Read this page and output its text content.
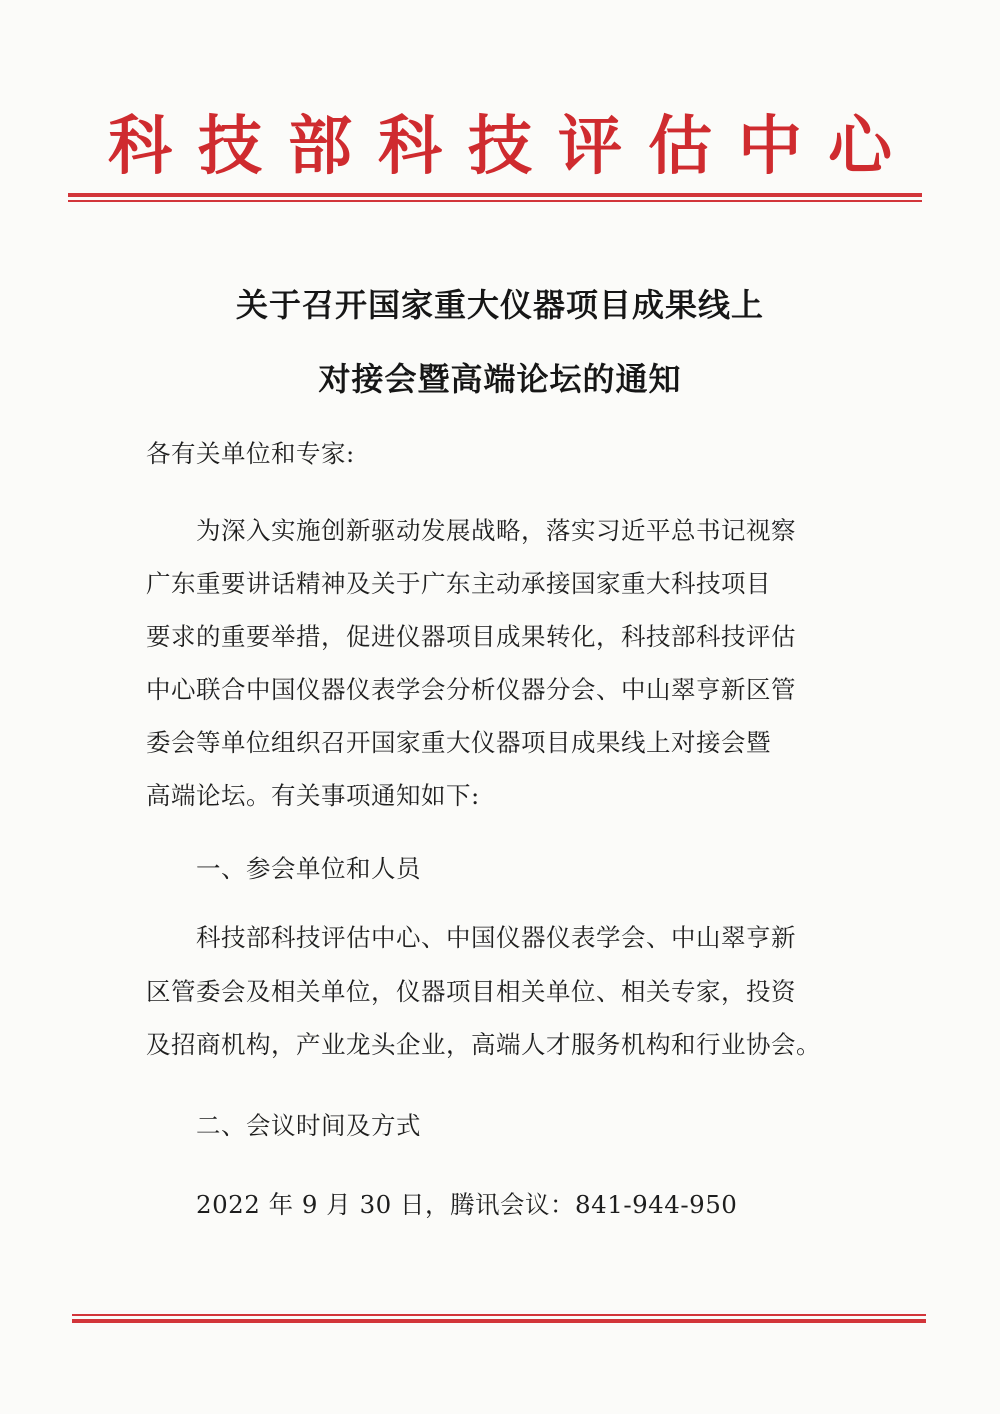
科技部科技评估中心
关于召开国家重大仪器项目成果线上
对接会暨高端论坛的通知
各有关单位和专家:
为深入实施创新驱动发展战略，落实习近平总书记视察
广东重要讲话精神及关于广东主动承接国家重大科技项目
要求的重要举措，促进仪器项目成果转化，科技部科技评估
中心联合中国仪器仪表学会分析仪器分会、中山翠亨新区管
委会等单位组织召开国家重大仪器项目成果线上对接会暨
高端论坛。有关事项通知如下:
一、参会单位和人员
科技部科技评估中心、中国仪器仪表学会、中山翠亨新
区管委会及相关单位，仪器项目相关单位、相关专家，投资
及招商机构，产业龙头企业，高端人才服务机构和行业协会。
二、会议时间及方式
2022 年 9 月 30 日，腾讯会议：841-944-950
